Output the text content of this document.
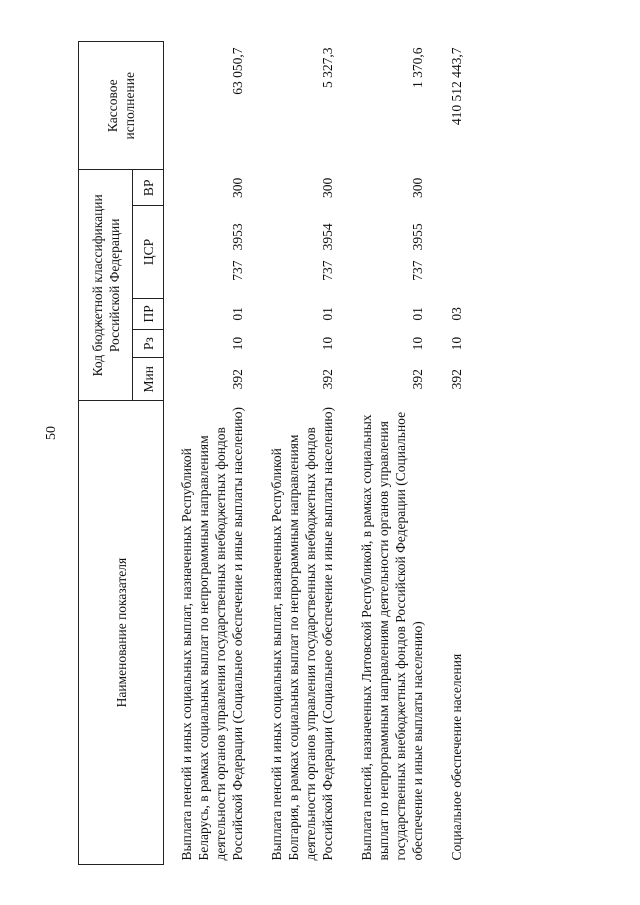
50
Наименование показателя	Код бюджетной классификации Российской Федерации					Кассовое исполнение
	Мин	Рз	ПР	ЦСР	ВР	
Выплата пенсий и иных социальных выплат, назначенных Республикой Беларусь, в рамках социальных выплат по непрограммным направлениям деятельности органов управления государственных внебюджетных фондов Российской Федерации (Социальное обеспечение и иные выплаты населению)	392	10	01	737   3953	300	63 050,7
Выплата пенсий и иных социальных выплат, назначенных Республикой Болгария, в рамках социальных выплат по непрограммным направлениям деятельности органов управления государственных внебюджетных фондов Российской Федерации (Социальное обеспечение и иные выплаты населению)	392	10	01	737   3954	300	5 327,3
Выплата пенсий, назначенных Литовской Республикой, в рамках социальных выплат по непрограммным направлениям деятельности органов управления государственных внебюджетных фондов Российской Федерации (Социальное обеспечение и иные выплаты населению)	392	10	01	737   3955	300	1 370,6
Социальное обеспечение населения	392	10	03			410 512 443,7
